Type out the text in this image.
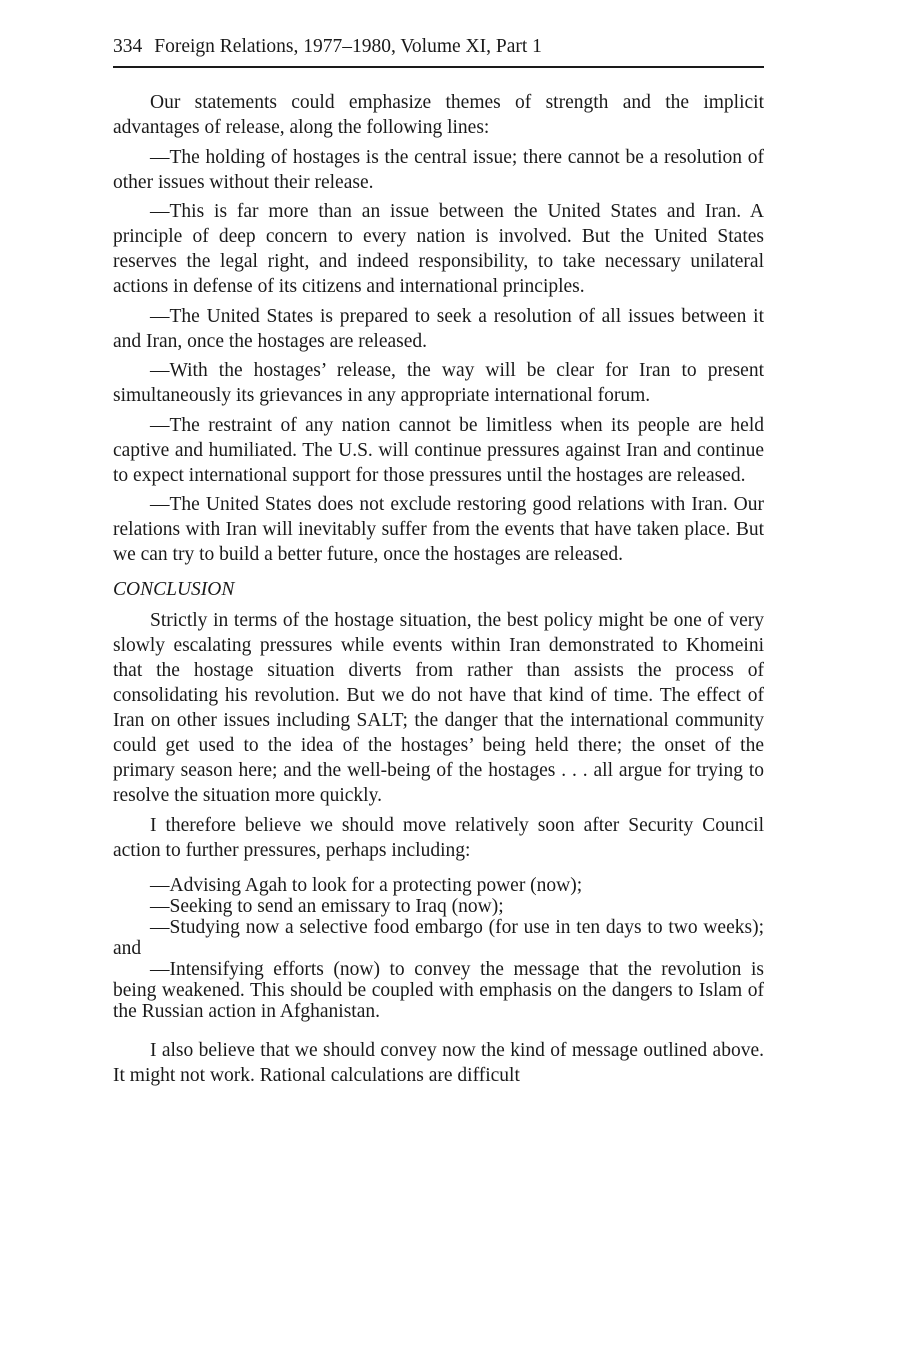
334 Foreign Relations, 1977–1980, Volume XI, Part 1

Our statements could emphasize themes of strength and the implicit advantages of release, along the following lines:

—The holding of hostages is the central issue; there cannot be a resolution of other issues without their release.

—This is far more than an issue between the United States and Iran. A principle of deep concern to every nation is involved. But the United States reserves the legal right, and indeed responsibility, to take necessary unilateral actions in defense of its citizens and international principles.

—The United States is prepared to seek a resolution of all issues between it and Iran, once the hostages are released.

—With the hostages’ release, the way will be clear for Iran to present simultaneously its grievances in any appropriate international forum.

—The restraint of any nation cannot be limitless when its people are held captive and humiliated. The U.S. will continue pressures against Iran and continue to expect international support for those pressures until the hostages are released.

—The United States does not exclude restoring good relations with Iran. Our relations with Iran will inevitably suffer from the events that have taken place. But we can try to build a better future, once the hostages are released.

CONCLUSION

Strictly in terms of the hostage situation, the best policy might be one of very slowly escalating pressures while events within Iran demonstrated to Khomeini that the hostage situation diverts from rather than assists the process of consolidating his revolution. But we do not have that kind of time. The effect of Iran on other issues including SALT; the danger that the international community could get used to the idea of the hostages’ being held there; the onset of the primary season here; and the well-being of the hostages . . . all argue for trying to resolve the situation more quickly.

I therefore believe we should move relatively soon after Security Council action to further pressures, perhaps including:

—Advising Agah to look for a protecting power (now);

—Seeking to send an emissary to Iraq (now);

—Studying now a selective food embargo (for use in ten days to two weeks); and

—Intensifying efforts (now) to convey the message that the revolution is being weakened. This should be coupled with emphasis on the dangers to Islam of the Russian action in Afghanistan.

I also believe that we should convey now the kind of message outlined above. It might not work. Rational calculations are difficult
